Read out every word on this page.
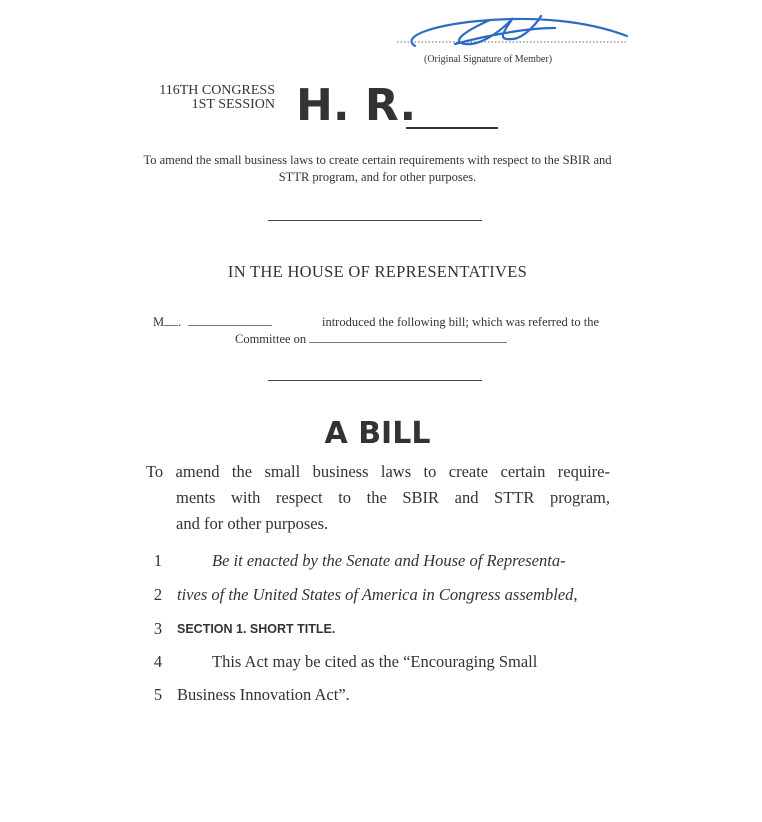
(Original Signature of Member)
116TH CONGRESS
1ST SESSION H. R.
To amend the small business laws to create certain requirements with respect to the SBIR and STTR program, and for other purposes.
IN THE HOUSE OF REPRESENTATIVES
M .	introduced the following bill; which was referred to the
Committee on
A BILL
To amend the small business laws to create certain require-
ments with respect to the SBIR and STTR program,
and for other purposes.
1	Be it enacted by the Senate and House of Representa-
2 tives of the United States of America in Congress assembled,
3	SECTION 1. SHORT TITLE.
4	This Act may be cited as the “Encouraging Small
5 Business Innovation Act”.
